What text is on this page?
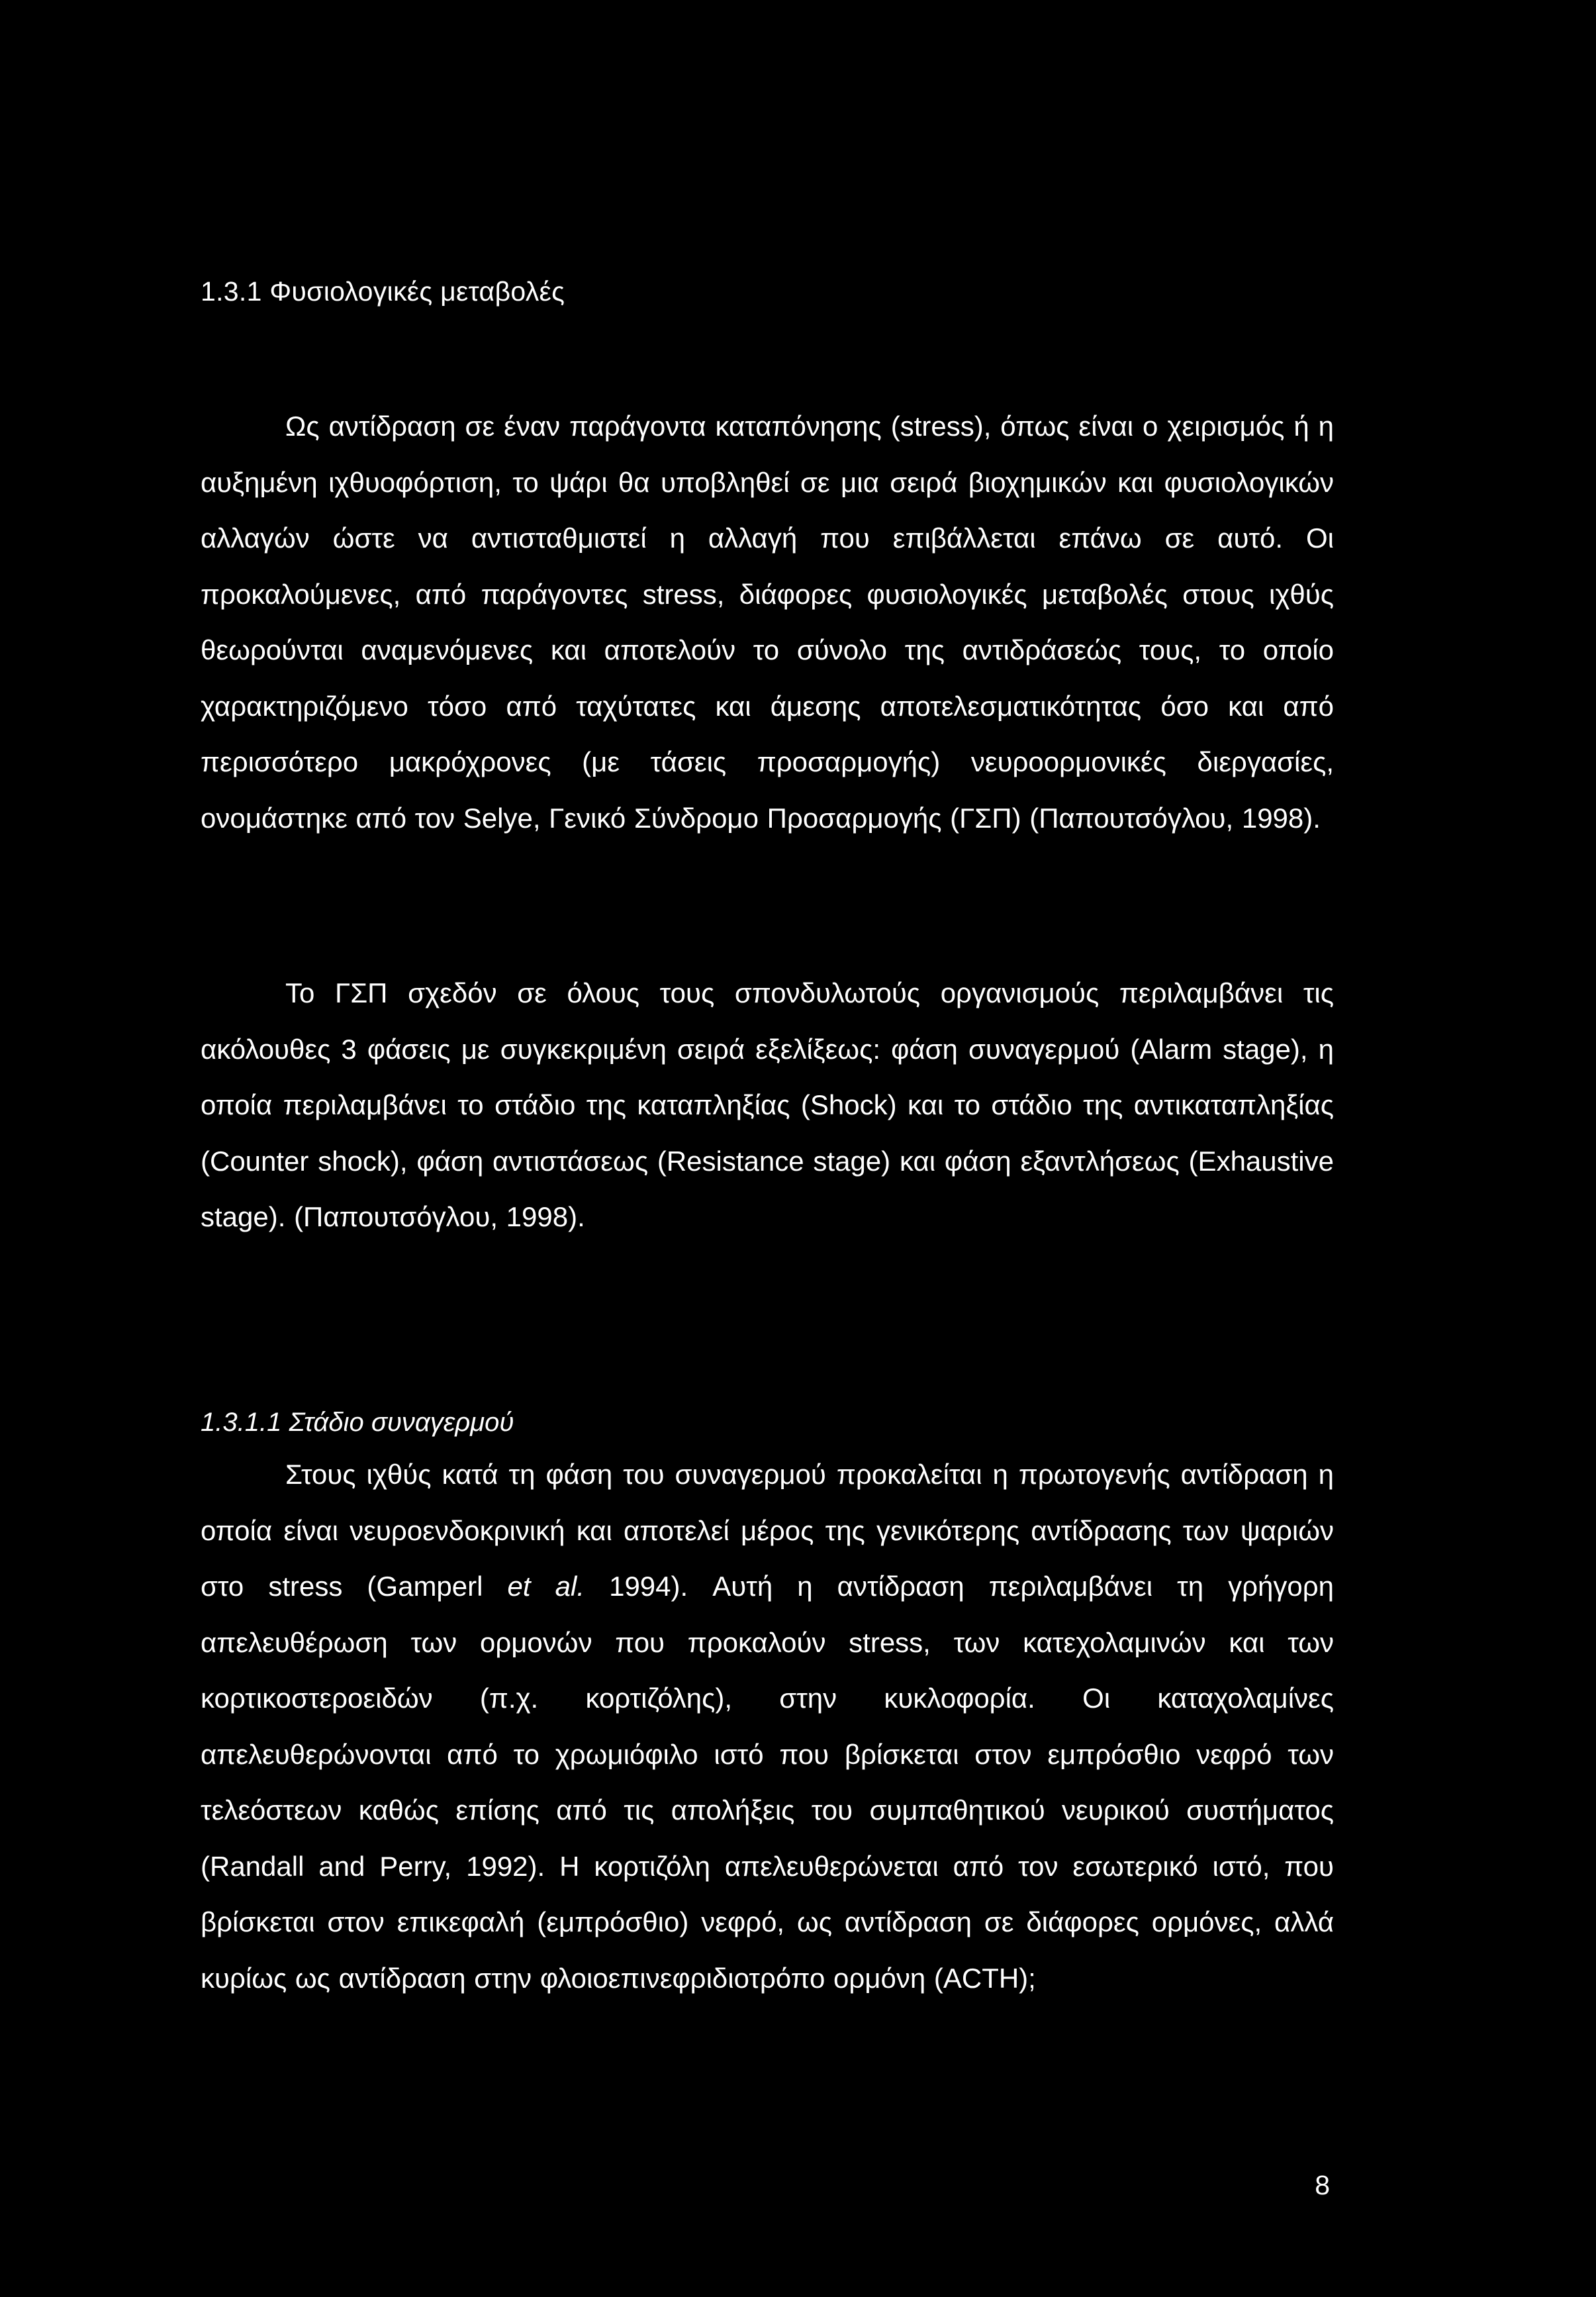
1.3.1 Φυσιολογικές μεταβολές

Ως αντίδραση σε έναν παράγοντα καταπόνησης (stress), όπως είναι ο χειρισμός ή η αυξημένη ιχθυοφόρτιση, το ψάρι θα υποβληθεί σε μια σειρά βιοχημικών και φυσιολογικών αλλαγών ώστε να αντισταθμιστεί η αλλαγή που επιβάλλεται επάνω σε αυτό. Οι προκαλούμενες, από παράγοντες stress, διάφορες φυσιολογικές μεταβολές στους ιχθύς θεωρούνται αναμενόμενες και αποτελούν το σύνολο της αντιδράσεώς τους, το οποίο χαρακτηριζόμενο τόσο από ταχύτατες και άμεσης αποτελεσματικότητας όσο και από περισσότερο μακρόχρονες (με τάσεις προσαρμογής) νευροορμονικές διεργασίες, ονομάστηκε από τον Selye, Γενικό Σύνδρομο Προσαρμογής (ΓΣΠ) (Παπουτσόγλου, 1998).

Το ΓΣΠ σχεδόν σε όλους τους σπονδυλωτούς οργανισμούς περιλαμβάνει τις ακόλουθες 3 φάσεις με συγκεκριμένη σειρά εξελίξεως: φάση συναγερμού (Alarm stage), η οποία περιλαμβάνει το στάδιο της καταπληξίας (Shock) και το στάδιο της αντικαταπληξίας (Counter shock), φάση αντιστάσεως (Resistance stage) και φάση εξαντλήσεως (Exhaustive stage). (Παπουτσόγλου, 1998).

1.3.1.1 Στάδιο συναγερμού

Στους ιχθύς κατά τη φάση του συναγερμού προκαλείται η πρωτογενής αντίδραση η οποία είναι νευροενδοκρινική και αποτελεί μέρος της γενικότερης αντίδρασης των ψαριών στο stress (Gamperl et al. 1994). Αυτή η αντίδραση περιλαμβάνει τη γρήγορη απελευθέρωση των ορμονών που προκαλούν stress, των κατεχολαμινών και των κορτικοστεροειδών (π.χ. κορτιζόλης), στην κυκλοφορία. Οι καταχολαμίνες απελευθερώνονται από το χρωμιόφιλο ιστό που βρίσκεται στον εμπρόσθιο νεφρό των τελεόστεων καθώς επίσης από τις απολήξεις του συμπαθητικού νευρικού συστήματος (Randall and Perry, 1992). Η κορτιζόλη απελευθερώνεται από τον εσωτερικό ιστό, που βρίσκεται στον επικεφαλή (εμπρόσθιο) νεφρό, ως αντίδραση σε διάφορες ορμόνες, αλλά κυρίως ως αντίδραση στην φλοιοεπινεφριδιοτρόπο ορμόνη (ACTH);

8
